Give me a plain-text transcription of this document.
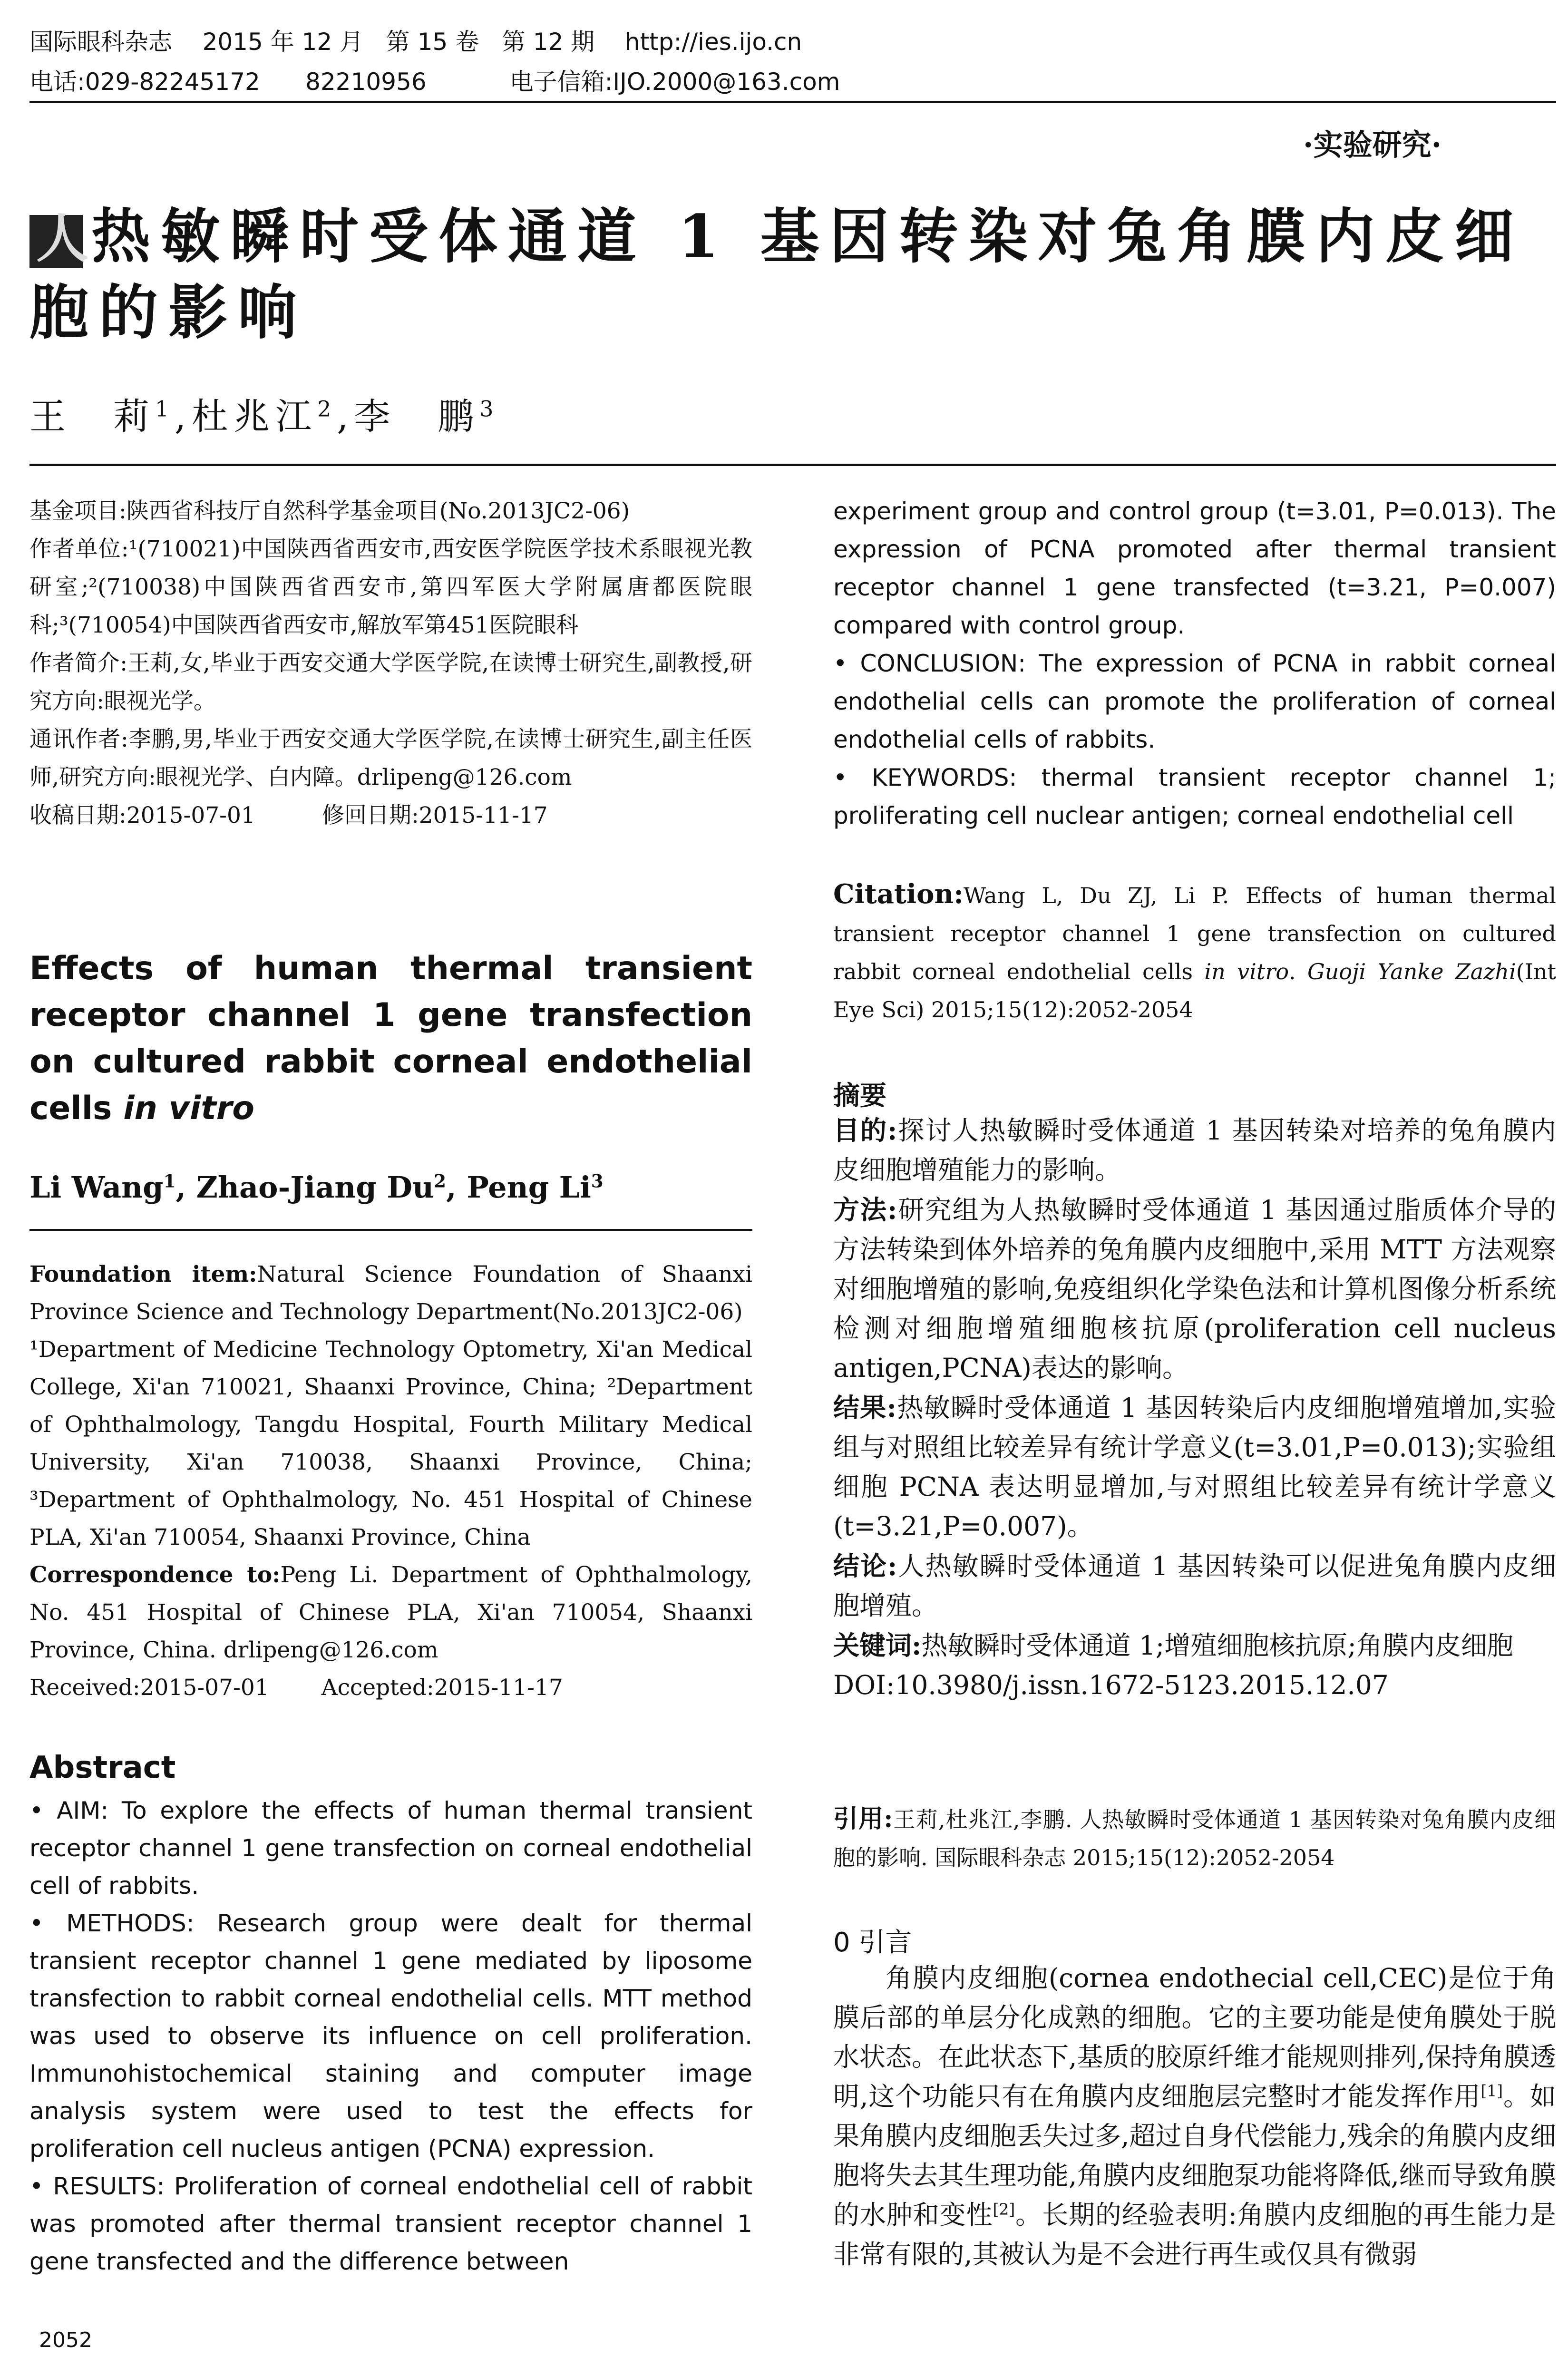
国际眼科杂志    2015 年 12 月   第 15 卷   第 12 期    http://ies.ijo.cn
电话:029-82245172      82210956           电子信箱:IJO.2000@163.com
·实验研究·
人
热敏瞬时受体通道 1 基因转染对兔角膜内皮细胞的影响
王　莉$^1$,杜兆江$^2$,李　鹏$^3$

基金项目:陕西省科技厅自然科学基金项目(No.2013JC2-06)

作者单位:¹(710021)中国陕西省西安市,西安医学院医学技术系眼视光教研室;²(710038)中国陕西省西安市,第四军医大学附属唐都医院眼科;³(710054)中国陕西省西安市,解放军第451医院眼科

作者简介:王莉,女,毕业于西安交通大学医学院,在读博士研究生,副教授,研究方向:眼视光学。

通讯作者:李鹏,男,毕业于西安交通大学医学院,在读博士研究生,副主任医师,研究方向:眼视光学、白内障。drlipeng@126.com

收稿日期:2015-07-01	修回日期:2015-11-17

Effects of human thermal transient receptor channel 1 gene transfection on cultured rabbit corneal endothelial cells in vitro
Li Wang$^1$, Zhao-Jiang Du$^2$, Peng Li$^3$

Foundation item:Natural Science Foundation of Shaanxi Province Science and Technology Department(No.2013JC2-06)

¹Department of Medicine Technology Optometry, Xi'an Medical College, Xi'an 710021, Shaanxi Province, China; ²Department of Ophthalmology, Tangdu Hospital, Fourth Military Medical University, Xi'an 710038, Shaanxi Province, China; ³Department of Ophthalmology, No. 451 Hospital of Chinese PLA, Xi'an 710054, Shaanxi Province, China

Correspondence to:Peng Li. Department of Ophthalmology, No. 451 Hospital of Chinese PLA, Xi'an 710054, Shaanxi Province, China. drlipeng@126.com

Received:2015-07-01 Accepted:2015-11-17

Abstract

• AIM: To explore the effects of human thermal transient receptor channel 1 gene transfection on corneal endothelial cell of rabbits.

• METHODS: Research group were dealt for thermal transient receptor channel 1 gene mediated by liposome transfection to rabbit corneal endothelial cells. MTT method was used to observe its influence on cell proliferation. Immunohistochemical staining and computer image analysis system were used to test the effects for proliferation cell nucleus antigen (PCNA) expression.

• RESULTS: Proliferation of corneal endothelial cell of rabbit was promoted after thermal transient receptor channel 1 gene transfected and the difference between

2052

experiment group and control group (t=3.01, P=0.013). The expression of PCNA promoted after thermal transient receptor channel 1 gene transfected (t=3.21, P=0.007) compared with control group.

• CONCLUSION: The expression of PCNA in rabbit corneal endothelial cells can promote the proliferation of corneal endothelial cells of rabbits.

• KEYWORDS: thermal transient receptor channel 1; proliferating cell nuclear antigen; corneal endothelial cell

Citation:Wang L, Du ZJ, Li P. Effects of human thermal transient receptor channel 1 gene transfection on cultured rabbit corneal endothelial cells in vitro. Guoji Yanke Zazhi(Int Eye Sci) 2015;15(12):2052-2054

摘要

目的:探讨人热敏瞬时受体通道 1 基因转染对培养的兔角膜内皮细胞增殖能力的影响。

方法:研究组为人热敏瞬时受体通道 1 基因通过脂质体介导的方法转染到体外培养的兔角膜内皮细胞中,采用 MTT 方法观察对细胞增殖的影响,免疫组织化学染色法和计算机图像分析系统检测对细胞增殖细胞核抗原(proliferation cell nucleus antigen,PCNA)表达的影响。

结果:热敏瞬时受体通道 1 基因转染后内皮细胞增殖增加,实验组与对照组比较差异有统计学意义(t=3.01,P=0.013);实验组细胞 PCNA 表达明显增加,与对照组比较差异有统计学意义(t=3.21,P=0.007)。

结论:人热敏瞬时受体通道 1 基因转染可以促进兔角膜内皮细胞增殖。

关键词:热敏瞬时受体通道 1;增殖细胞核抗原;角膜内皮细胞

DOI:10.3980/j.issn.1672-5123.2015.12.07

引用:王莉,杜兆江,李鹏. 人热敏瞬时受体通道 1 基因转染对兔角膜内皮细胞的影响. 国际眼科杂志 2015;15(12):2052-2054

0 引言

角膜内皮细胞(cornea endothecial cell,CEC)是位于角膜后部的单层分化成熟的细胞。它的主要功能是使角膜处于脱水状态。在此状态下,基质的胶原纤维才能规则排列,保持角膜透明,这个功能只有在角膜内皮细胞层完整时才能发挥作用[1]。如果角膜内皮细胞丢失过多,超过自身代偿能力,残余的角膜内皮细胞将失去其生理功能,角膜内皮细胞泵功能将降低,继而导致角膜的水肿和变性[2]。长期的经验表明:角膜内皮细胞的再生能力是非常有限的,其被认为是不会进行再生或仅具有微弱
